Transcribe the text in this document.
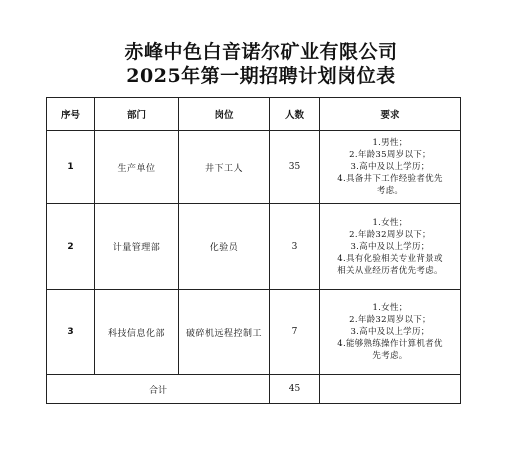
赤峰中色白音诺尔矿业有限公司
2025年第一期招聘计划岗位表
序号	部门	岗位	人数	要求
1	生产单位	井下工人	35	1.男性；
2.年龄35周岁以下；
3.高中及以上学历；
4.具备井下工作经验者优先
考虑。

2	计量管理部	化验员	3	1.女性；
2.年龄32周岁以下；
3.高中及以上学历；
4.具有化验相关专业背景或
相关从业经历者优先考虑。

3	科技信息化部	破碎机远程控制工	7	1.女性；
2.年龄32周岁以下；
3.高中及以上学历；
4.能够熟练操作计算机者优
先考虑。

合计			45	
